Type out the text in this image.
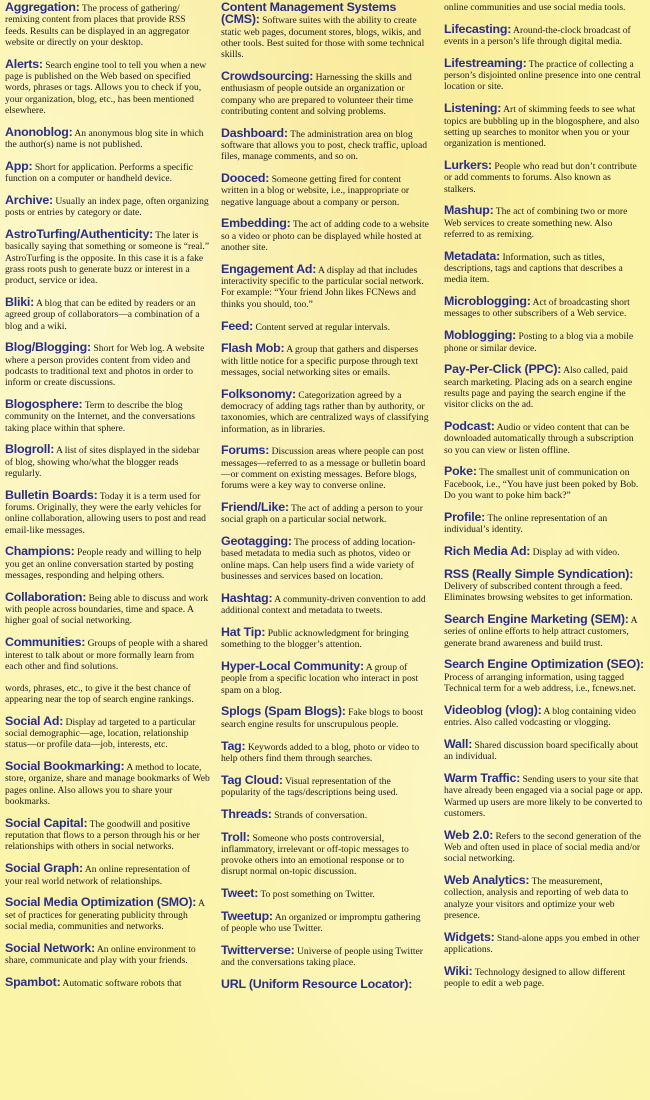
Aggregation: The process of gathering/ remixing content from places that provide RSS feeds. Results can be displayed in an aggregator website or directly on your desktop.
Alerts: Search engine tool to tell you when a new page is published on the Web based on specified words, phrases or tags. Allows you to check if you, your organization, blog, etc., has been mentioned elsewhere.
Anonoblog: An anonymous blog site in which the author(s) name is not published.
App: Short for application. Performs a specific function on a computer or handheld device.
Archive: Usually an index page, often organizing posts or entries by category or date.
AstroTurfing/Authenticity: The later is basically saying that something or someone is “real.” AstroTurfing is the opposite. In this case it is a fake grass roots push to generate buzz or interest in a product, service or idea.
Bliki: A blog that can be edited by readers or an agreed group of collaborators—a combination of a blog and a wiki.
Blog/Blogging: Short for Web log. A website where a person provides content from video and podcasts to traditional text and photos in order to inform or create discussions.
Blogosphere: Term to describe the blog community on the Internet, and the conversations taking place within that sphere.
Blogroll: A list of sites displayed in the sidebar of blog, showing who/what the blogger reads regularly.
Bulletin Boards: Today it is a term used for forums. Originally, they were the early vehicles for online collaboration, allowing users to post and read email-like messages.
Champions: People ready and willing to help you get an online conversation started by posting messages, responding and helping others.
Collaboration: Being able to discuss and work with people across boundaries, time and space. A higher goal of social networking.
Communities: Groups of people with a shared interest to talk about or more formally learn from each other and find solutions.
words, phrases, etc., to give it the best chance of appearing near the top of search engine rankings.
Social Ad: Display ad targeted to a particular social demographic—age, location, relationship status—or profile data—job, interests, etc.
Social Bookmarking: A method to locate, store, organize, share and manage bookmarks of Web pages online. Also allows you to share your bookmarks.
Social Capital: The goodwill and positive reputation that flows to a person through his or her relationships with others in social networks.
Social Graph: An online representation of your real world network of relationships.
Social Media Optimization (SMO): A set of practices for generating publicity through social media, communities and networks.
Social Network: An online environment to share, communicate and play with your friends.
Spambot: Automatic software robots that
Content Management Systems (CMS): Software suites with the ability to create static web pages, document stores, blogs, wikis, and other tools. Best suited for those with some technical skills.
Crowdsourcing: Harnessing the skills and enthusiasm of people outside an organization or company who are prepared to volunteer their time contributing content and solving problems.
Dashboard: The administration area on blog software that allows you to post, check traffic, upload files, manage comments, and so on.
Dooced: Someone getting fired for content written in a blog or website, i.e., inappropriate or negative language about a company or person.
Embedding: The act of adding code to a website so a video or photo can be displayed while hosted at another site.
Engagement Ad: A display ad that includes interactivity specific to the particular social network. For example: “Your friend John likes FCNews and thinks you should, too.”
Feed: Content served at regular intervals.
Flash Mob: A group that gathers and disperses with little notice for a specific purpose through text messages, social networking sites or emails.
Folksonomy: Categorization agreed by a democracy of adding tags rather than by authority, or taxonomies, which are centralized ways of classifying information, as in libraries.
Forums: Discussion areas where people can post messages—referred to as a message or bulletin board—or comment on existing messages. Before blogs, forums were a key way to converse online.
Friend/Like: The act of adding a person to your social graph on a particular social network.
Geotagging: The process of adding location-based metadata to media such as photos, video or online maps. Can help users find a wide variety of businesses and services based on location.
Hashtag: A community-driven convention to add additional context and metadata to tweets.
Hat Tip: Public acknowledgment for bringing something to the blogger’s attention.
Hyper-Local Community: A group of people from a specific location who interact in post spam on a blog.
Splogs (Spam Blogs): Fake blogs to boost search engine results for unscrupulous people.
Tag: Keywords added to a blog, photo or video to help others find them through searches.
Tag Cloud: Visual representation of the popularity of the tags/descriptions being used.
Threads: Strands of conversation.
Troll: Someone who posts controversial, inflammatory, irrelevant or off-topic messages to provoke others into an emotional response or to disrupt normal on-topic discussion.
Tweet: To post something on Twitter.
Tweetup: An organized or impromptu gathering of people who use Twitter.
Twitterverse: Universe of people using Twitter and the conversations taking place.
URL (Uniform Resource Locator):
online communities and use social media tools.
Lifecasting: Around-the-clock broadcast of events in a person’s life through digital media.
Lifestreaming: The practice of collecting a person’s disjointed online presence into one central location or site.
Listening: Art of skimming feeds to see what topics are bubbling up in the blogosphere, and also setting up searches to monitor when you or your organization is mentioned.
Lurkers: People who read but don’t contribute or add comments to forums. Also known as stalkers.
Mashup: The act of combining two or more Web services to create something new. Also referred to as remixing.
Metadata: Information, such as titles, descriptions, tags and captions that describes a media item.
Microblogging: Act of broadcasting short messages to other subscribers of a Web service.
Moblogging: Posting to a blog via a mobile phone or similar device.
Pay-Per-Click (PPC): Also called, paid search marketing. Placing ads on a search engine results page and paying the search engine if the visitor clicks on the ad.
Podcast: Audio or video content that can be downloaded automatically through a subscription so you can view or listen offline.
Poke: The smallest unit of communication on Facebook, i.e., “You have just been poked by Bob. Do you want to poke him back?”
Profile: The online representation of an individual’s identity.
Rich Media Ad: Display ad with video.
RSS (Really Simple Syndication): Delivery of subscribed content through a feed. Eliminates browsing websites to get information.
Search Engine Marketing (SEM): A series of online efforts to help attract customers, generate brand awareness and build trust.
Search Engine Optimization (SEO): Process of arranging information, using tagged Technical term for a web address, i.e., fcnews.net.
Videoblog (vlog): A blog containing video entries. Also called vodcasting or vlogging.
Wall: Shared discussion board specifically about an individual.
Warm Traffic: Sending users to your site that have already been engaged via a social page or app. Warmed up users are more likely to be converted to customers.
Web 2.0: Refers to the second generation of the Web and often used in place of social media and/or social networking.
Web Analytics: The measurement, collection, analysis and reporting of web data to analyze your visitors and optimize your web presence.
Widgets: Stand-alone apps you embed in other applications.
Wiki: Technology designed to allow different people to edit a web page.
